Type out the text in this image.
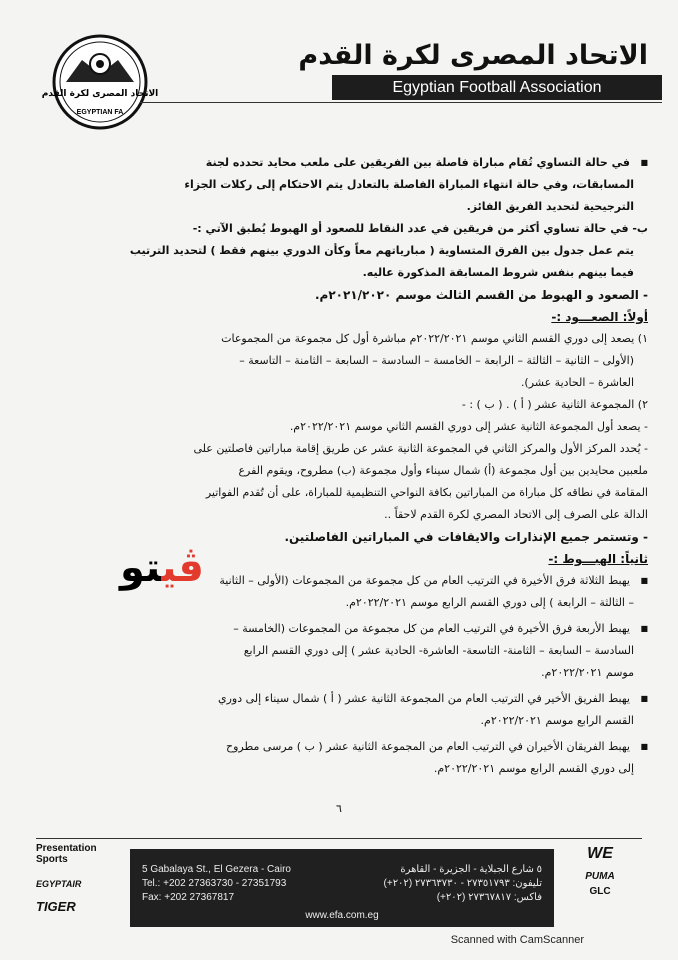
الاتحاد المصرى لكرة القدم
EGYPTIAN FA
الاتحاد المصرى لكرة القدم
Egyptian Football Association
■ في حالة التساوي تُقام مباراة فاصلة بين الفريقين على ملعب محايد تحدده لجنة
المسابقات، وفي حالة انتهاء المباراة الفاصلة بالتعادل يتم الاحتكام إلى ركلات الجزاء
الترجيحية لتحديد الفريق الفائز.
ب- في حالة تساوي أكثر من فريقين في عدد النقاط للصعود أو الهبوط يُطبق الآتي :-
يتم عمل جدول بين الفرق المتساوية ( مبارياتهم معاً وكأن الدوري بينهم فقط ) لتحديد الترتيب
فيما بينهم بنفس شروط المسابقة المذكورة عاليه.
- الصعود و الهبوط من القسم الثالث موسم ٢٠٢١/٢٠٢٠م.
أولاً: الصعـــود :-
١) يصعد إلى دوري القسم الثاني موسم ٢٠٢٢/٢٠٢١م مباشرة أول كل مجموعة من المجموعات
(الأولى – الثانية – الثالثة – الرابعة – الخامسة – السادسة – السابعة – الثامنة – التاسعة –
العاشرة – الحادية عشر).
٢) المجموعة الثانية عشر ( أ ) . ( ب ) : -
- يصعد أول المجموعة الثانية عشر إلى دوري القسم الثاني موسم ٢٠٢٢/٢٠٢١م.
- يُحدد المركز الأول والمركز الثاني في المجموعة الثانية عشر عن طريق إقامة مباراتين فاصلتين على
ملعبين محايدين بين أول مجموعة (أ) شمال سيناء وأول مجموعة (ب) مطروح، ويقوم الفرع
المقامة في نطاقه كل مباراة من المباراتين بكافة النواحي التنظيمية للمباراة، على أن تُقدم الفواتير
الدالة على الصرف إلى الاتحاد المصري لكرة القدم لاحقاً ..
- وتستمر جميع الإنذارات والايقافات في المباراتين الفاصلتين.
ثانياً: الهبـــوط :-
■ يهبط الثلاثة فرق الأخيرة في الترتيب العام من كل مجموعة من المجموعات (الأولى – الثانية
– الثالثة – الرابعة ) إلى دوري القسم الرابع موسم ٢٠٢٢/٢٠٢١م.
■ يهبط الأربعة فرق الأخيرة في الترتيب العام من كل مجموعة من المجموعات (الخامسة –
السادسة – السابعة – الثامنة- التاسعة- العاشرة- الحادية عشر ) إلى دوري القسم الرابع
موسم ٢٠٢٢/٢٠٢١م.
■ يهبط الفريق الأخير في الترتيب العام من المجموعة الثانية عشر ( أ ) شمال سيناء إلى دوري
القسم الرابع موسم ٢٠٢٢/٢٠٢١م.
■ يهبط الفريقان الأخيران في الترتيب العام من المجموعة الثانية عشر ( ب ) مرسى مطروح
إلى دوري القسم الرابع موسم ٢٠٢٢/٢٠٢١م.
ڤيتو
٦
Presentation Sports
EGYPTAIR
TIGER
5 Gabalaya St., El Gezera - Cairo
Tel.: +202 27363730 - 27351793
Fax: +202 27367817
٥ شارع الجبلاية - الجزيرة - القاهرة
تليفون: ٢٧٣٥١٧٩٣ - ٢٧٣٦٣٧٣٠ (٢٠٢+)
فاكس: ٢٧٣٦٧٨١٧ (٢٠٢+)
www.efa.com.eg
WE
PUMA
GLC
Scanned with CamScanner
